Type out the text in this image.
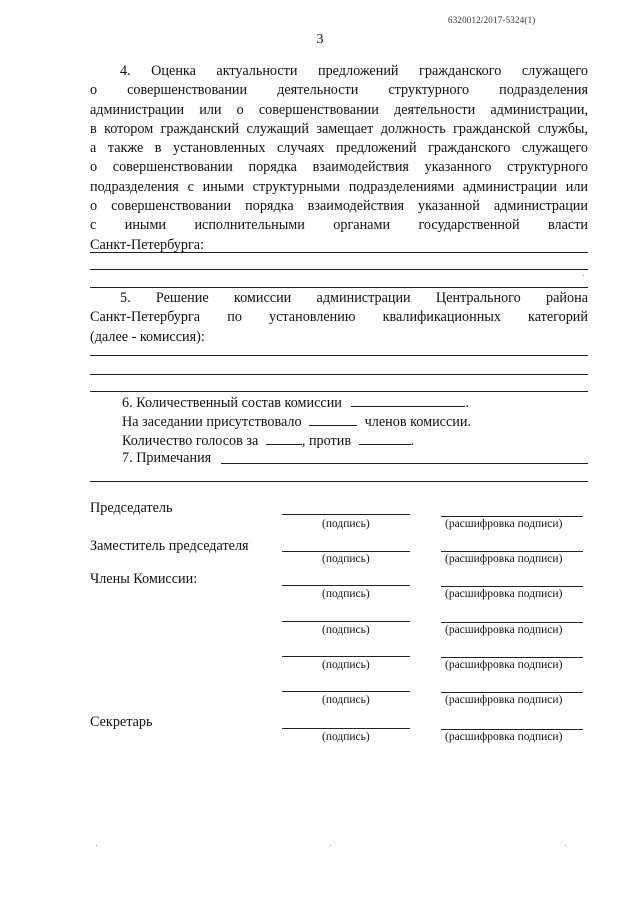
6320012/2017-5324(1)
3
4. Оценка актуальности предложений гражданского служащего
о совершенствовании деятельности структурного подразделения
администрации или о совершенствовании деятельности администрации,
в котором гражданский служащий замещает должность гражданской службы,
а также в установленных случаях предложений гражданского служащего
о совершенствовании порядка взаимодействия указанного структурного
подразделения с иными структурными подразделениями администрации или
о совершенствовании порядка взаимодействия указанной администрации
с иными исполнительными органами государственной власти
Санкт-Петербурга:
5. Решение комиссии администрации Центрального района
Санкт-Петербурга по установлению квалификационных категорий
(далее - комиссия):
6. Количественный состав комиссии	.
На заседании присутствовало	членов комиссии.
Количество голосов за	, против	.
7. Примечания
Председатель
(подпись)	(расшифровка подписи)
Заместитель председателя
(подпись)	(расшифровка подписи)
Члены Комиссии:
(подпись)	(расшифровка подписи)
(подпись)	(расшифровка подписи)
(подпись)	(расшифровка подписи)
(подпись)	(расшифровка подписи)
Секретарь
(подпись)	(расшифровка подписи)
